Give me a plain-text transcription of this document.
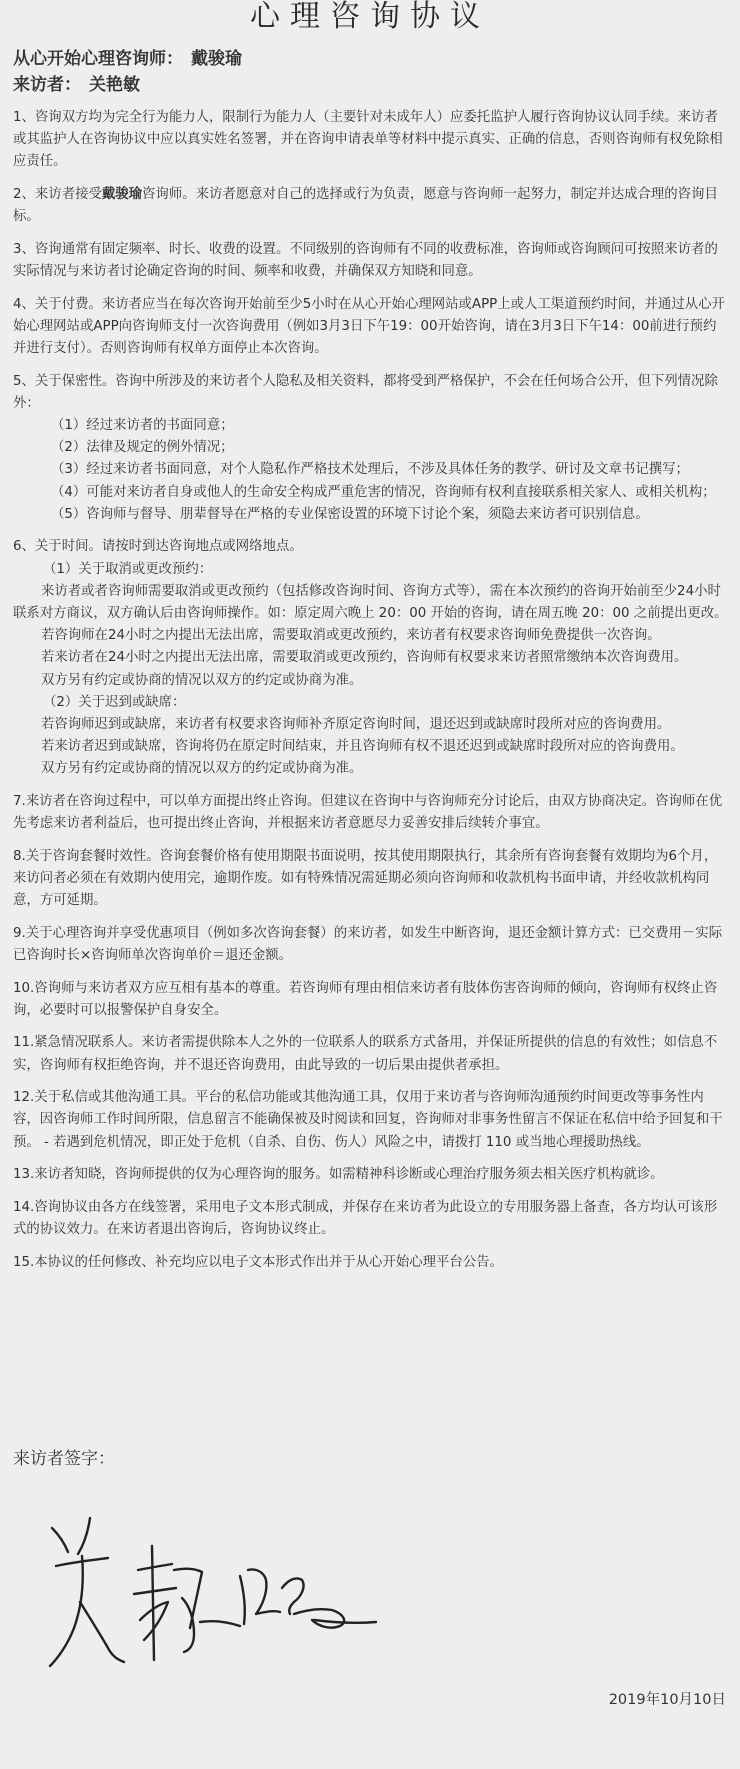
心理咨询协议

从心开始心理咨询师： 戴骏瑜

来访者： 关艳敏

1、咨询双方均为完全行为能力人，限制行为能力人（主要针对未成年人）应委托监护人履行咨询协议认同手续。来访者或其监护人在咨询协议中应以真实姓名签署，并在咨询申请表单等材料中提示真实、正确的信息，否则咨询师有权免除相应责任。

2、来访者接受戴骏瑜咨询师。来访者愿意对自己的选择或行为负责，愿意与咨询师一起努力，制定并达成合理的咨询目标。

3、咨询通常有固定频率、时长、收费的设置。不同级别的咨询师有不同的收费标准，咨询师或咨询顾问可按照来访者的实际情况与来访者讨论确定咨询的时间、频率和收费，并确保双方知晓和同意。

4、关于付费。来访者应当在每次咨询开始前至少5小时在从心开始心理网站或APP上或人工渠道预约时间，并通过从心开始心理网站或APP向咨询师支付一次咨询费用（例如3月3日下午19：00开始咨询，请在3月3日下午14：00前进行预约并进行支付）。否则咨询师有权单方面停止本次咨询。

5、关于保密性。咨询中所涉及的来访者个人隐私及相关资料，都将受到严格保护，不会在任何场合公开，但下列情况除外：

（1）经过来访者的书面同意；

（2）法律及规定的例外情况；

（3）经过来访者书面同意，对个人隐私作严格技术处理后，不涉及具体任务的教学、研讨及文章书记撰写；

（4）可能对来访者自身或他人的生命安全构成严重危害的情况，咨询师有权利直接联系相关家人、或相关机构；

（5）咨询师与督导、朋辈督导在严格的专业保密设置的环境下讨论个案，须隐去来访者可识别信息。

6、关于时间。请按时到达咨询地点或网络地点。

（1）关于取消或更改预约：

来访者或者咨询师需要取消或更改预约（包括修改咨询时间、咨询方式等），需在本次预约的咨询开始前至少24小时联系对方商议，双方确认后由咨询师操作。如：原定周六晚上 20：00 开始的咨询，请在周五晚 20：00 之前提出更改。

若咨询师在24小时之内提出无法出席，需要取消或更改预约，来访者有权要求咨询师免费提供一次咨询。

若来访者在24小时之内提出无法出席，需要取消或更改预约，咨询师有权要求来访者照常缴纳本次咨询费用。

双方另有约定或协商的情况以双方的约定或协商为准。

（2）关于迟到或缺席：

若咨询师迟到或缺席，来访者有权要求咨询师补齐原定咨询时间，退还迟到或缺席时段所对应的咨询费用。

若来访者迟到或缺席，咨询将仍在原定时间结束，并且咨询师有权不退还迟到或缺席时段所对应的咨询费用。

双方另有约定或协商的情况以双方的约定或协商为准。

7.来访者在咨询过程中，可以单方面提出终止咨询。但建议在咨询中与咨询师充分讨论后，由双方协商决定。咨询师在优先考虑来访者利益后，也可提出终止咨询，并根据来访者意愿尽力妥善安排后续转介事宜。

8.关于咨询套餐时效性。咨询套餐价格有使用期限书面说明，按其使用期限执行，其余所有咨询套餐有效期均为6个月，来访问者必须在有效期内使用完，逾期作废。如有特殊情况需延期必须向咨询师和收款机构书面申请，并经收款机构同意，方可延期。

9.关于心理咨询并享受优惠项目（例如多次咨询套餐）的来访者，如发生中断咨询，退还金额计算方式：已交费用－实际已咨询时长×咨询师单次咨询单价＝退还金额。

10.咨询师与来访者双方应互相有基本的尊重。若咨询师有理由相信来访者有肢体伤害咨询师的倾向，咨询师有权终止咨询，必要时可以报警保护自身安全。

11.紧急情况联系人。来访者需提供除本人之外的一位联系人的联系方式备用，并保证所提供的信息的有效性；如信息不实，咨询师有权拒绝咨询，并不退还咨询费用，由此导致的一切后果由提供者承担。

12.关于私信或其他沟通工具。平台的私信功能或其他沟通工具，仅用于来访者与咨询师沟通预约时间更改等事务性内容，因咨询师工作时间所限，信息留言不能确保被及时阅读和回复，咨询师对非事务性留言不保证在私信中给予回复和干预。 - 若遇到危机情况，即正处于危机（自杀、自伤、伤人）风险之中，请拨打 110 或当地心理援助热线。

13.来访者知晓，咨询师提供的仅为心理咨询的服务。如需精神科诊断或心理治疗服务须去相关医疗机构就诊。

14.咨询协议由各方在线签署，采用电子文本形式制成，并保存在来访者为此设立的专用服务器上备查，各方均认可该形式的协议效力。在来访者退出咨询后，咨询协议终止。

15.本协议的任何修改、补充均应以电子文本形式作出并于从心开始心理平台公告。

来访者签字：

2019年10月10日
